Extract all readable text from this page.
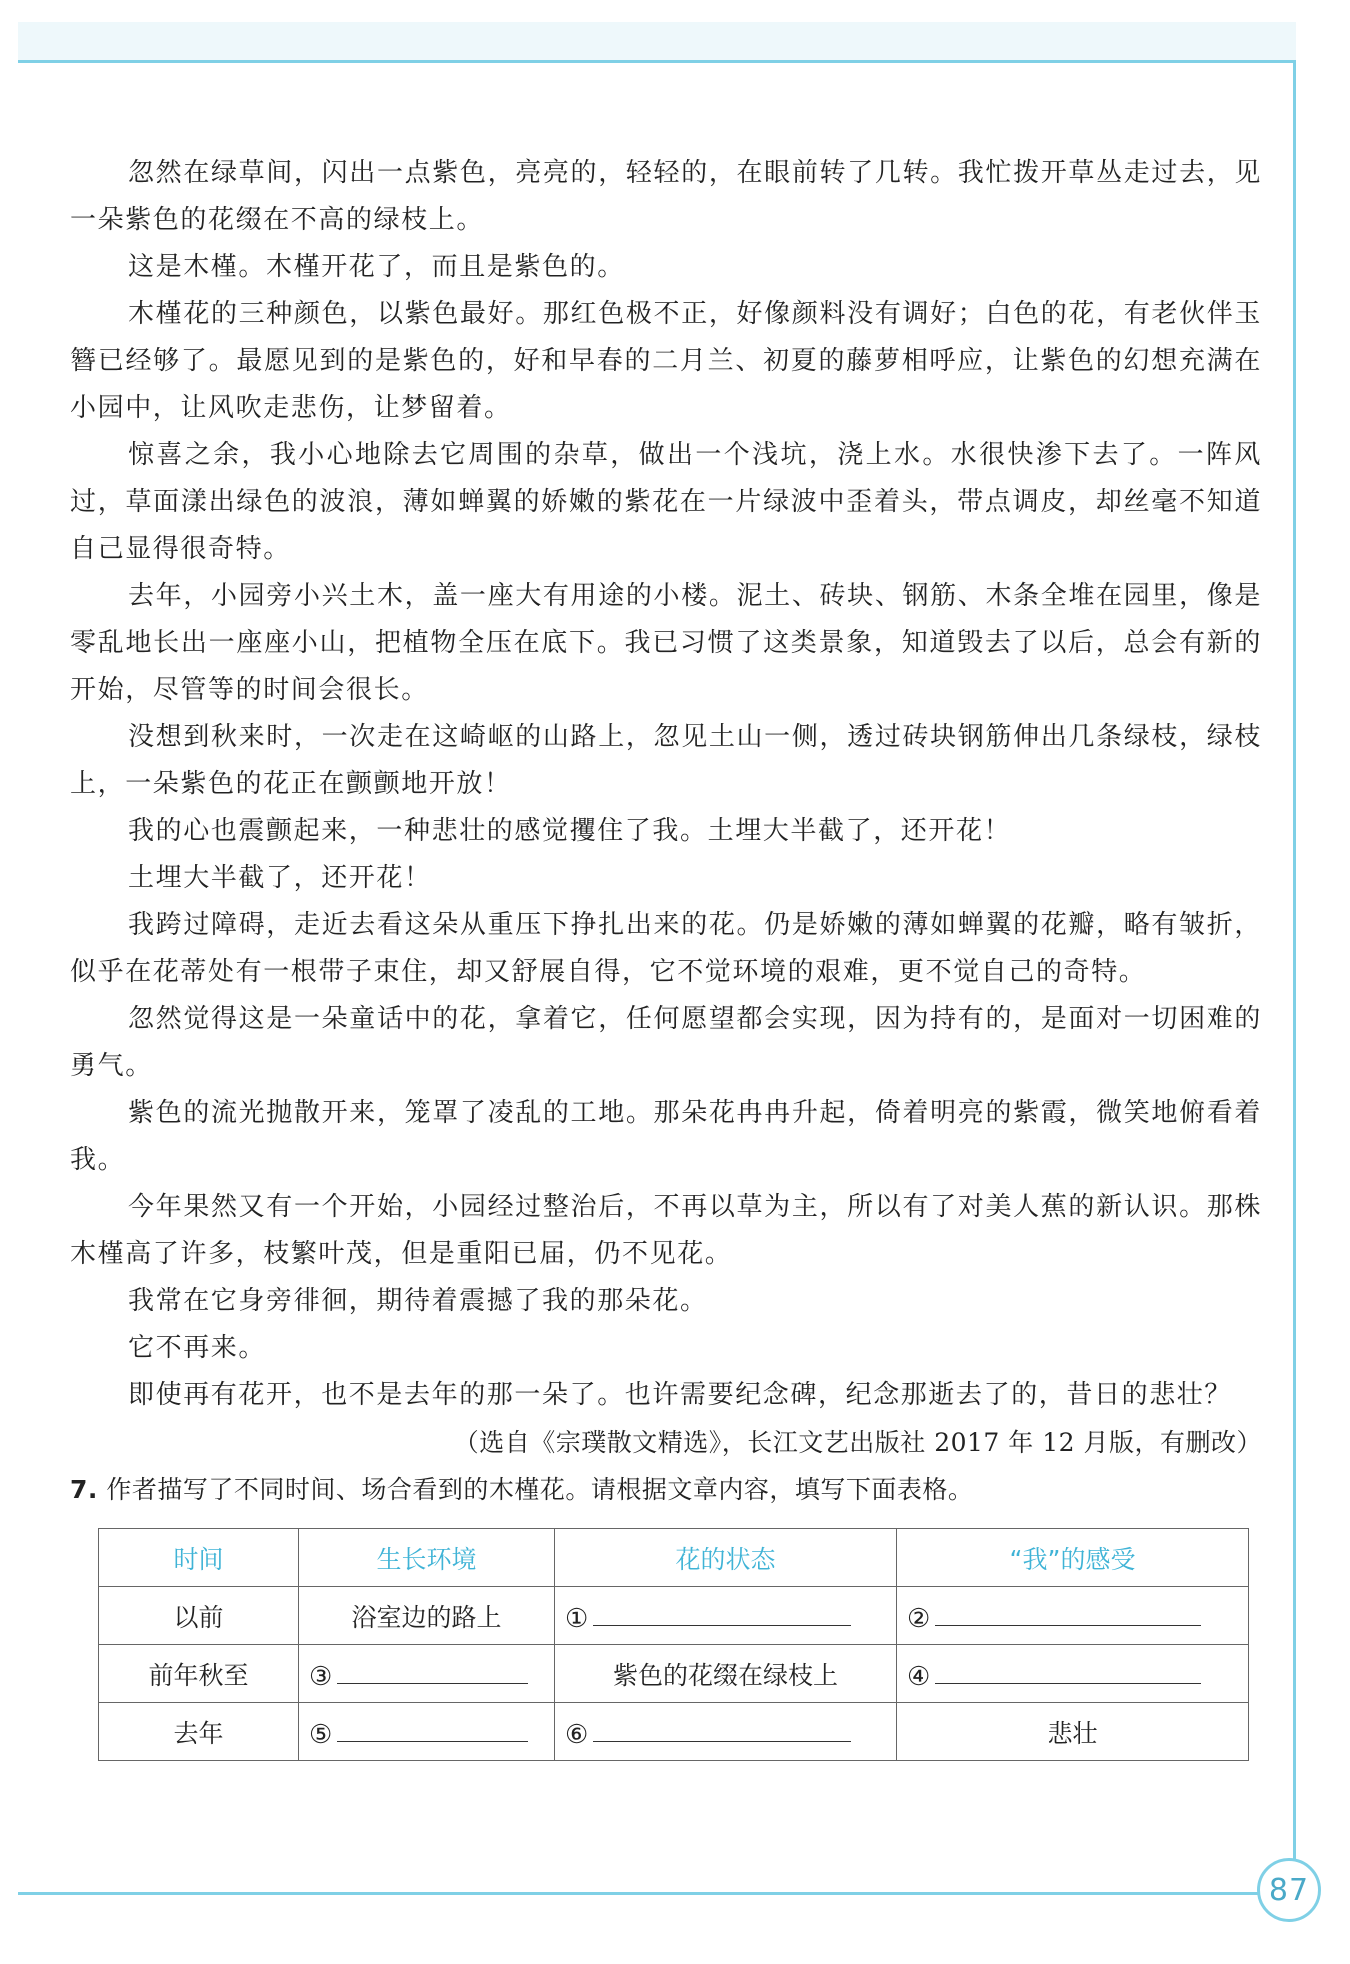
忽然在绿草间，闪出一点紫色，亮亮的，轻轻的，在眼前转了几转。我忙拨开草丛走过去，见一朵紫色的花缀在不高的绿枝上。

这是木槿。木槿开花了，而且是紫色的。

木槿花的三种颜色，以紫色最好。那红色极不正，好像颜料没有调好；白色的花，有老伙伴玉簪已经够了。最愿见到的是紫色的，好和早春的二月兰、初夏的藤萝相呼应，让紫色的幻想充满在小园中，让风吹走悲伤，让梦留着。

惊喜之余，我小心地除去它周围的杂草，做出一个浅坑，浇上水。水很快渗下去了。一阵风过，草面漾出绿色的波浪，薄如蝉翼的娇嫩的紫花在一片绿波中歪着头，带点调皮，却丝毫不知道自己显得很奇特。

去年，小园旁小兴土木，盖一座大有用途的小楼。泥土、砖块、钢筋、木条全堆在园里，像是零乱地长出一座座小山，把植物全压在底下。我已习惯了这类景象，知道毁去了以后，总会有新的开始，尽管等的时间会很长。

没想到秋来时，一次走在这崎岖的山路上，忽见土山一侧，透过砖块钢筋伸出几条绿枝，绿枝上，一朵紫色的花正在颤颤地开放！

我的心也震颤起来，一种悲壮的感觉攫住了我。土埋大半截了，还开花！

土埋大半截了，还开花！

我跨过障碍，走近去看这朵从重压下挣扎出来的花。仍是娇嫩的薄如蝉翼的花瓣，略有皱折，似乎在花蒂处有一根带子束住，却又舒展自得，它不觉环境的艰难，更不觉自己的奇特。

忽然觉得这是一朵童话中的花，拿着它，任何愿望都会实现，因为持有的，是面对一切困难的勇气。

紫色的流光抛散开来，笼罩了凌乱的工地。那朵花冉冉升起，倚着明亮的紫霞，微笑地俯看着我。

今年果然又有一个开始，小园经过整治后，不再以草为主，所以有了对美人蕉的新认识。那株木槿高了许多，枝繁叶茂，但是重阳已届，仍不见花。

我常在它身旁徘徊，期待着震撼了我的那朵花。

它不再来。

即使再有花开，也不是去年的那一朵了。也许需要纪念碑，纪念那逝去了的，昔日的悲壮？

（选自《宗璞散文精选》，长江文艺出版社 2017 年 12 月版，有删改）

7. 作者描写了不同时间、场合看到的木槿花。请根据文章内容，填写下面表格。

时间	生长环境	花的状态	“我”的感受
以前	浴室边的路上	①	②
前年秋至	③	紫色的花缀在绿枝上	④
去年	⑤	⑥	悲壮
87
